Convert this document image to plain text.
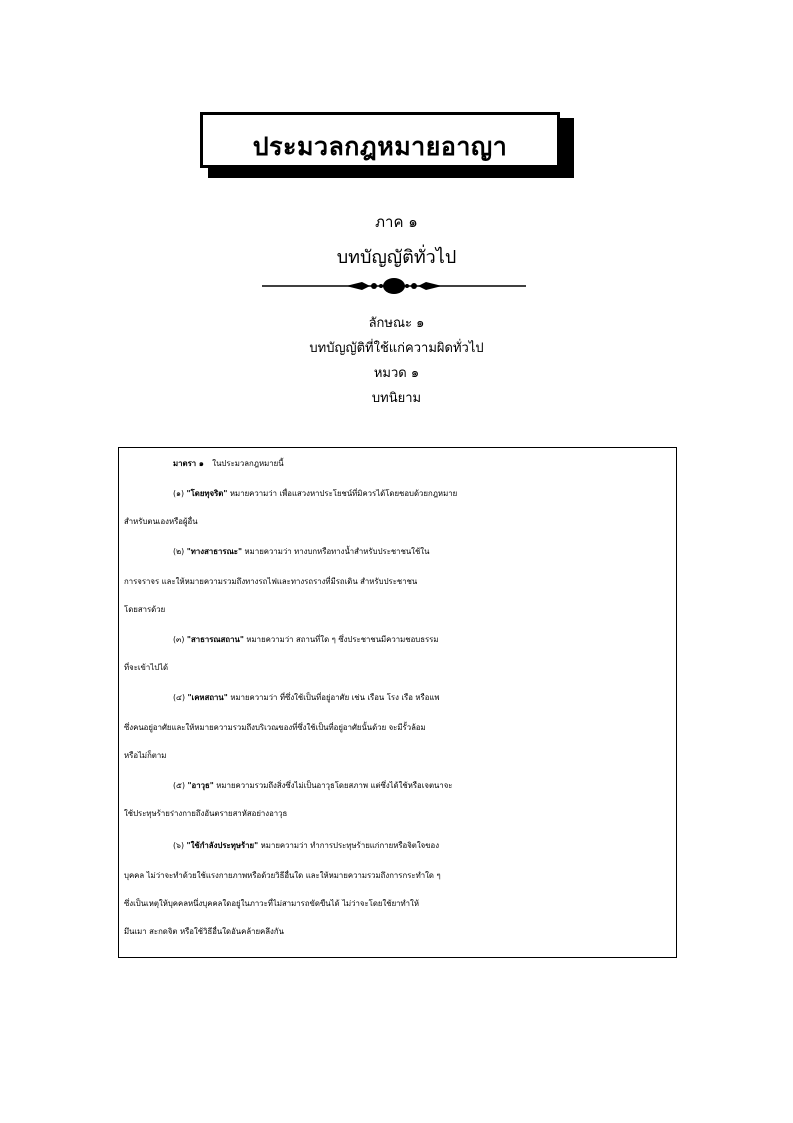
ประมวลกฎหมายอาญา
ภาค ๑
บทบัญญัติทั่วไป
ลักษณะ ๑
บทบัญญัติที่ใช้แก่ความผิดทั่วไป
หมวด ๑
บทนิยาม
มาตรา ๑ ในประมวลกฎหมายนี้
(๑) "โดยทุจริต" หมายความว่า เพื่อแสวงหาประโยชน์ที่มิควรได้โดยชอบด้วยกฎหมาย
สำหรับตนเองหรือผู้อื่น
(๒) "ทางสาธารณะ" หมายความว่า ทางบกหรือทางน้ำสำหรับประชาชนใช้ใน
การจราจร และให้หมายความรวมถึงทางรถไฟและทางรถรางที่มีรถเดิน สำหรับประชาชน
โดยสารด้วย
(๓) "สาธารณสถาน" หมายความว่า สถานที่ใด ๆ ซึ่งประชาชนมีความชอบธรรม
ที่จะเข้าไปได้
(๔) "เคหสถาน" หมายความว่า ที่ซึ่งใช้เป็นที่อยู่อาศัย เช่น เรือน โรง เรือ หรือแพ
ซึ่งคนอยู่อาศัยและให้หมายความรวมถึงบริเวณของที่ซึ่งใช้เป็นที่อยู่อาศัยนั้นด้วย จะมีรั้วล้อม
หรือไม่ก็ตาม
(๕) "อาวุธ" หมายความรวมถึงสิ่งซึ่งไม่เป็นอาวุธโดยสภาพ แต่ซึ่งได้ใช้หรือเจตนาจะ
ใช้ประทุษร้ายร่างกายถึงอันตรายสาหัสอย่างอาวุธ
(๖) "ใช้กำลังประทุษร้าย" หมายความว่า ทำการประทุษร้ายแก่กายหรือจิตใจของ
บุคคล ไม่ว่าจะทำด้วยใช้แรงกายภาพหรือด้วยวิธีอื่นใด และให้หมายความรวมถึงการกระทำใด ๆ
ซึ่งเป็นเหตุให้บุคคลหนึ่งบุคคลใดอยู่ในภาวะที่ไม่สามารถขัดขืนได้ ไม่ว่าจะโดยใช้ยาทำให้
มึนเมา สะกดจิต หรือใช้วิธีอื่นใดอันคล้ายคลึงกัน
